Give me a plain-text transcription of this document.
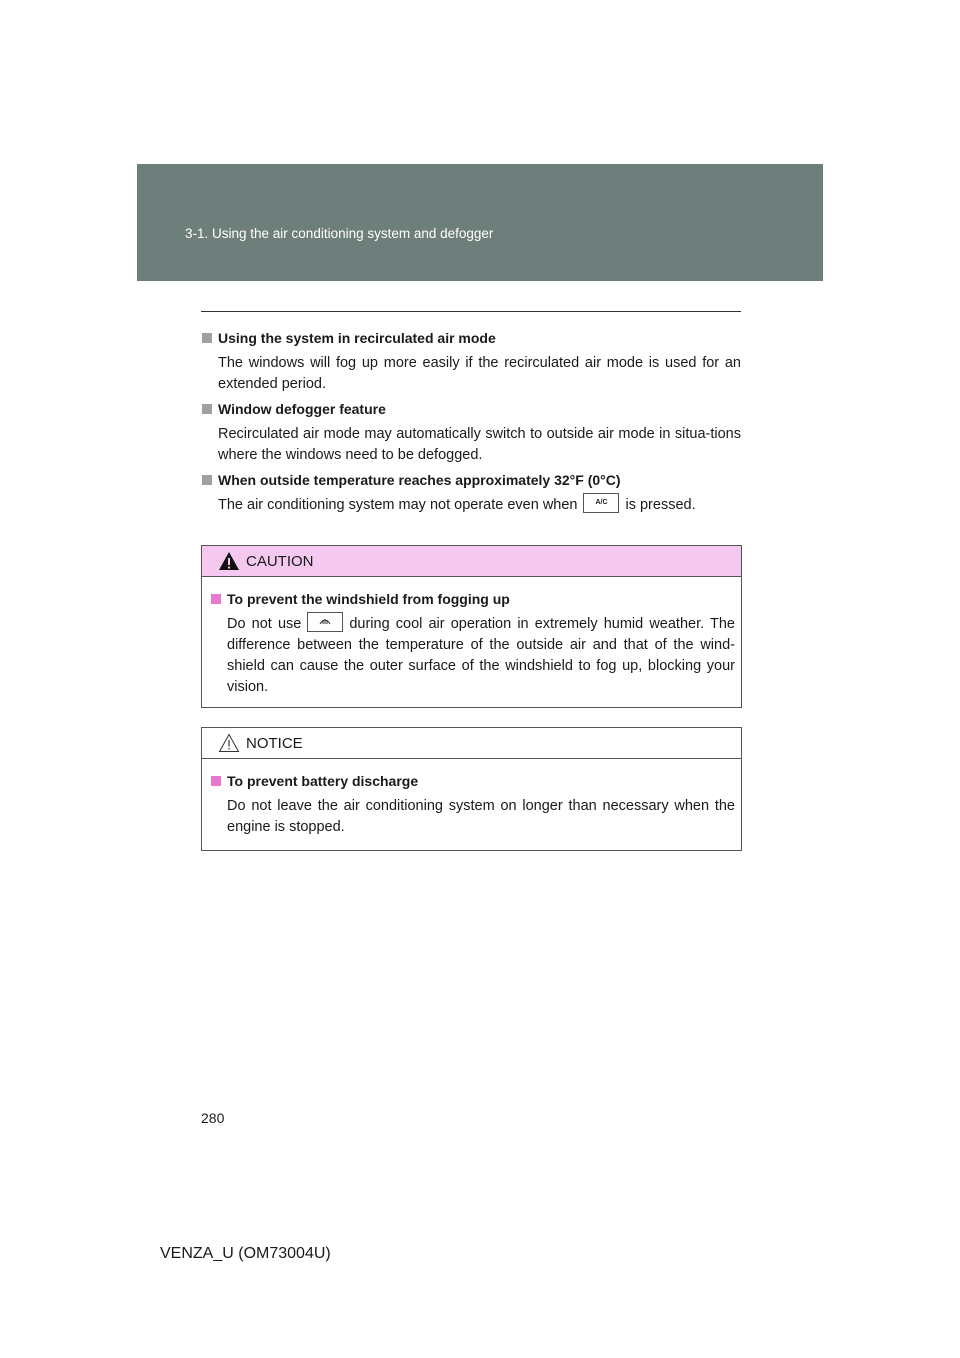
3-1. Using the air conditioning system and defogger

Using the system in recirculated air mode

The windows will fog up more easily if the recirculated air mode is used for an extended period.

Window defogger feature

Recirculated air mode may automatically switch to outside air mode in situa-tions where the windows need to be defogged.

When outside temperature reaches approximately 32°F (0°C)

The air conditioning system may not operate even when	A/C is pressed.

CAUTION

To prevent the windshield from fogging up

Do not use	during cool air operation in extremely humid weather. The difference between the temperature of the outside air and that of the wind-shield can cause the outer surface of the windshield to fog up, blocking your vision.

NOTICE

To prevent battery discharge

Do not leave the air conditioning system on longer than necessary when the engine is stopped.

280
VENZA_U (OM73004U)
